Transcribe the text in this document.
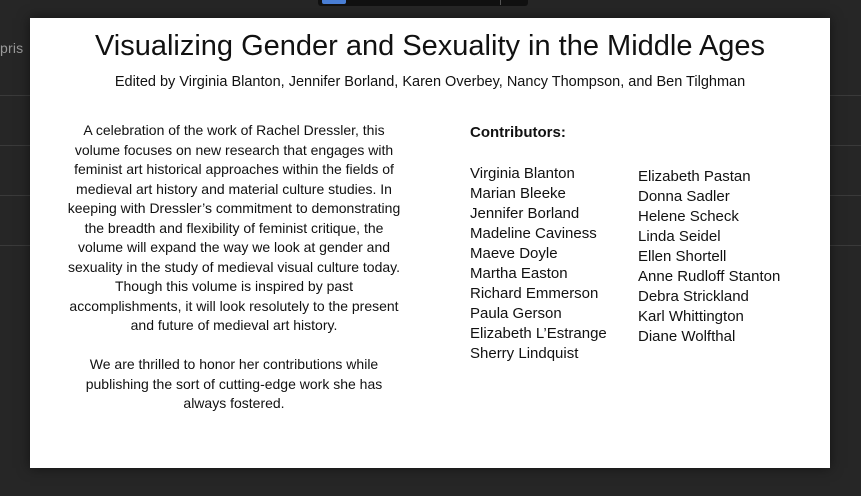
pris	Visualizing Gender and Sexuality in the Middle Ages
Edited by Virginia Blanton, Jennifer Borland, Karen Overbey, Nancy Thompson, and Ben Tilghman

A celebration of the work of Rachel Dressler, this volume focuses on new research that engages with feminist art historical approaches within the fields of medieval art history and material culture studies. In keeping with Dressler’s commitment to demonstrating the breadth and flexibility of feminist critique, the volume will expand the way we look at gender and sexuality in the study of medieval visual culture today. Though this volume is inspired by past accomplishments, it will look resolutely to the present and future of medieval art history.

We are thrilled to honor her contributions while publishing the sort of cutting-edge work she has always fostered.

Contributors:
Virginia Blanton
Marian Bleeke
Jennifer Borland
Madeline Caviness
Maeve Doyle
Martha Easton
Richard Emmerson
Paula Gerson
Elizabeth L’Estrange
Sherry Lindquist
Elizabeth Pastan
Donna Sadler
Helene Scheck
Linda Seidel
Ellen Shortell
Anne Rudloff Stanton
Debra Strickland
Karl Whittington
Diane Wolfthal
